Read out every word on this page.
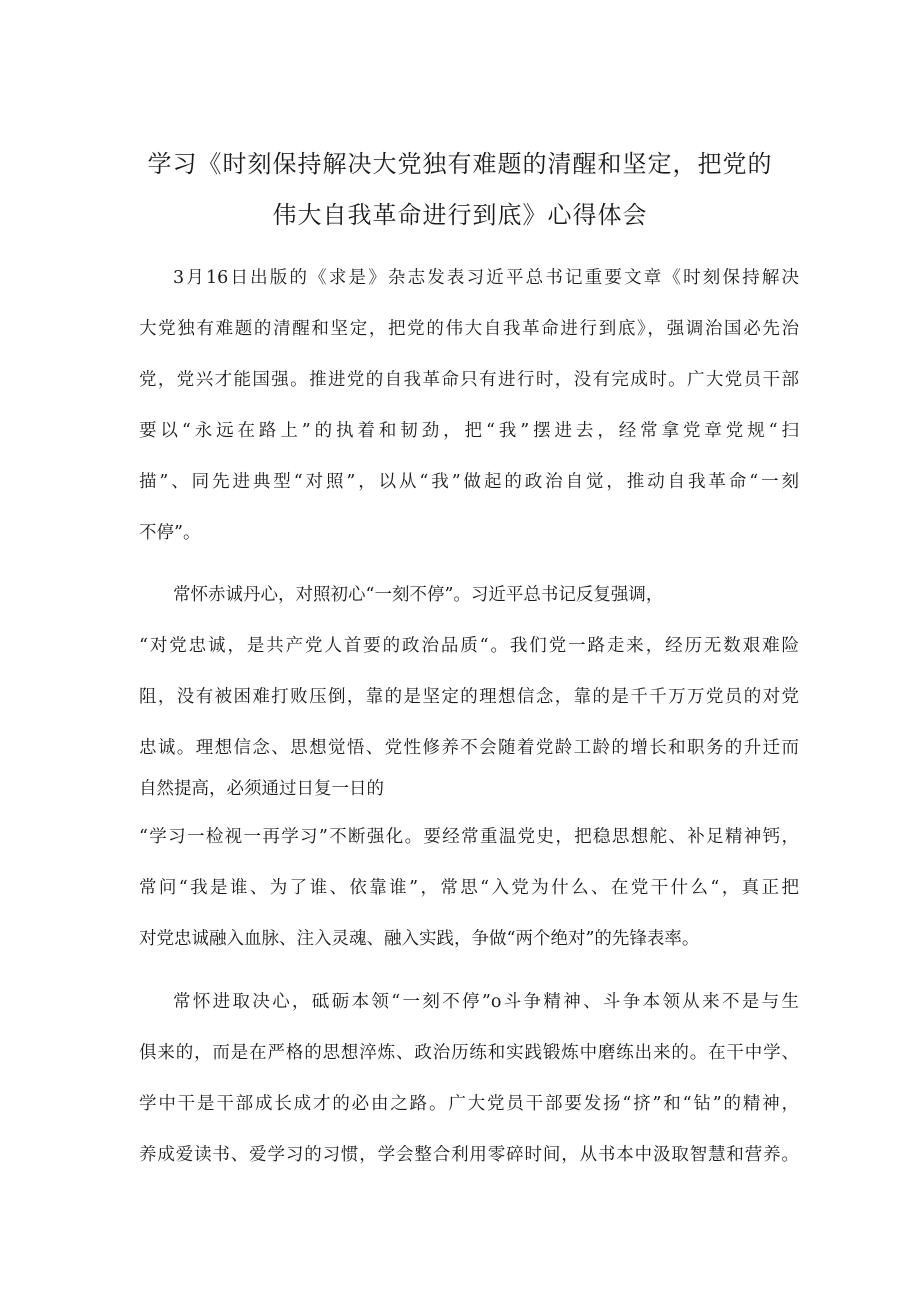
学习《时刻保持解决大党独有难题的清醒和坚定，把党的
伟大自我革命进行到底》心得体会
3月16日出版的《求是》杂志发表习近平总书记重要文章《时刻保持解决
大党独有难题的清醒和坚定，把党的伟大自我革命进行到底》，强调治国必先治
党，党兴才能国强。推进党的自我革命只有进行时，没有完成时。广大党员干部
要以“永远在路上”的执着和韧劲，把“我”摆进去，经常拿党章党规“扫
描”、同先进典型“对照”，以从“我”做起的政治自觉，推动自我革命“一刻
不停”。
常怀赤诚丹心，对照初心“一刻不停”。习近平总书记反复强调，
“对党忠诚，是共产党人首要的政治品质“。我们党一路走来，经历无数艰难险
阻，没有被困难打败压倒，靠的是坚定的理想信念，靠的是千千万万党员的对党
忠诚。理想信念、思想觉悟、党性修养不会随着党龄工龄的增长和职务的升迁而
自然提高，必须通过日复一日的
“学习一检视一再学习”不断强化。要经常重温党史，把稳思想舵、补足精神钙，
常问“我是谁、为了谁、依靠谁”，常思“入党为什么、在党干什么“，真正把
对党忠诚融入血脉、注入灵魂、融入实践，争做“两个绝对”的先锋表率。
常怀进取决心，砥砺本领“一刻不停”o斗争精神、斗争本领从来不是与生
俱来的，而是在严格的思想淬炼、政治历练和实践锻炼中磨练出来的。在干中学、
学中干是干部成长成才的必由之路。广大党员干部要发扬“挤”和“钻”的精神，
养成爱读书、爱学习的习惯，学会整合利用零碎时间，从书本中汲取智慧和营养。
